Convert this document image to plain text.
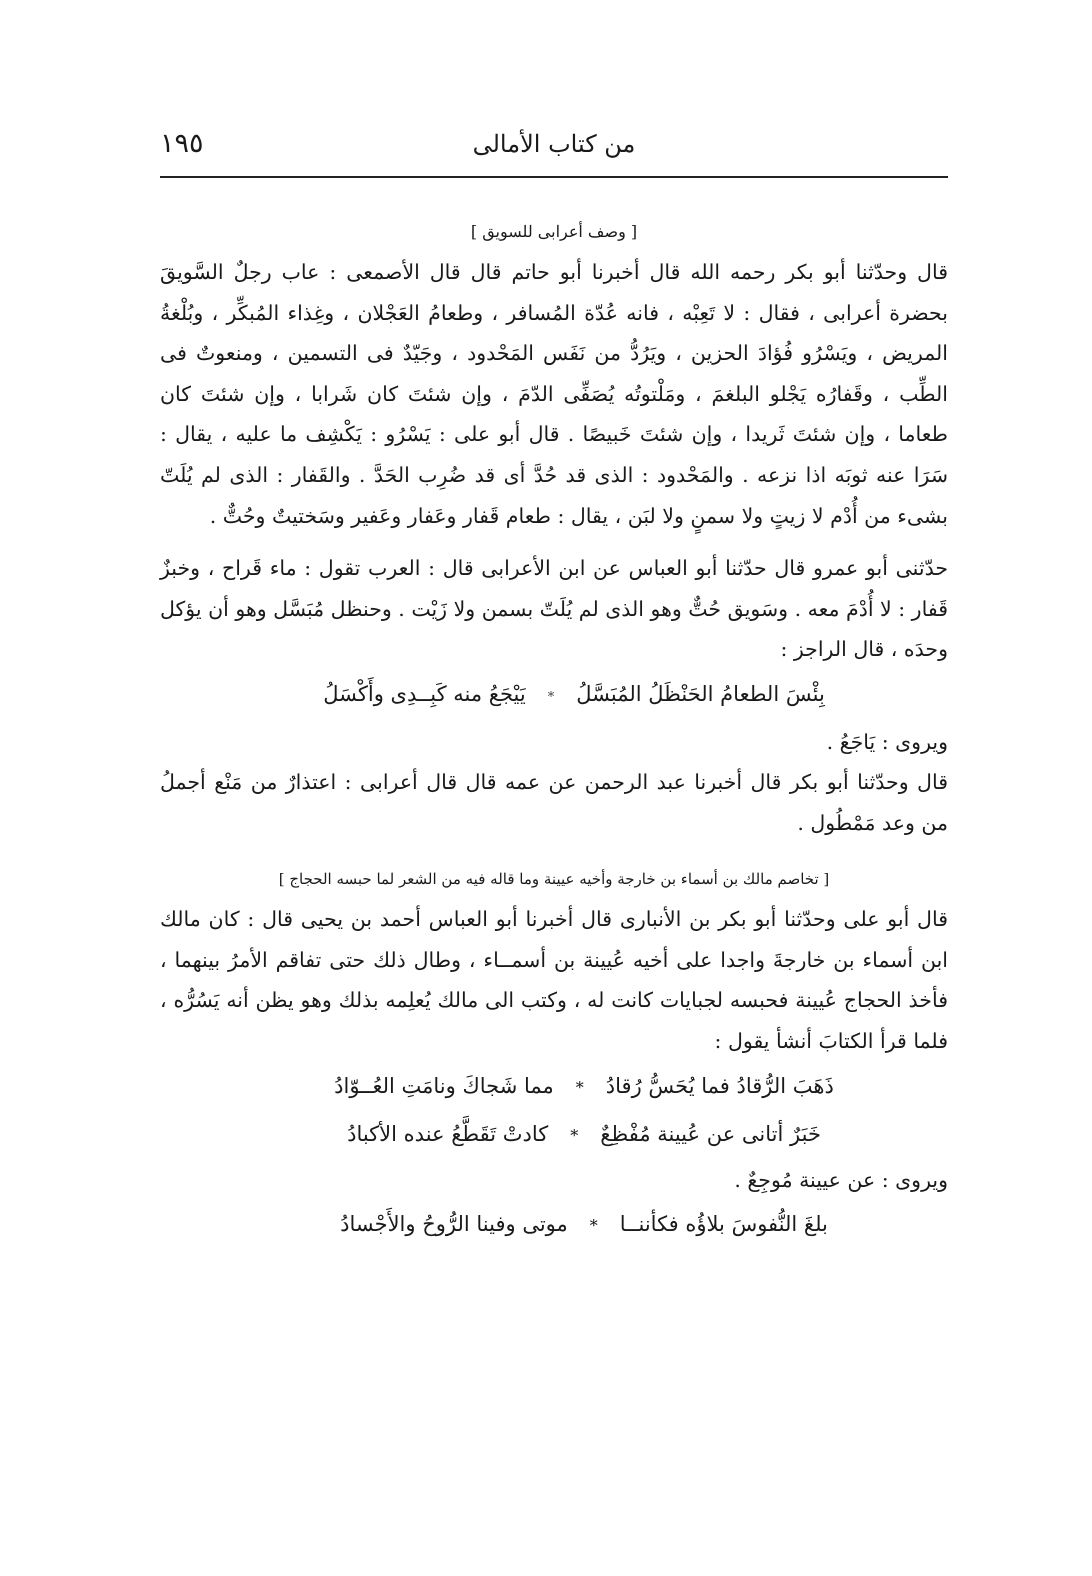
١٩٥	من كتاب الأمالى
[ وصف أعرابى للسويق ]

قال وحدّثنا أبو بكر رحمه الله قال أخبرنا أبو حاتم قال قال الأصمعى : عاب رجلٌ السَّويقَ بحضرة أعرابى ، فقال : لا تَعِبْه ، فانه عُدّة المُسافر ، وطعامُ العَجْلان ، وغِذاء المُبكِّر ، وبُلْغةُ المريض ، ويَسْرُو فُؤادَ الحزين ، ويَرُدُّ من نَفَس المَحْدود ، وجَيّدٌ فى التسمين ، ومنعوتٌ فى الطِّب ، وقَفارُه يَجْلو البلغمَ ، ومَلْتوتُه يُصَفِّى الدّمَ ، وإن شئتَ كان شَرابا ، وإن شئتَ كان طعاما ، وإن شئتَ ثَريدا ، وإن شئتَ خَبيصًا . قال أبو على : يَسْرُو : يَكْشِف ما عليه ، يقال : سَرَا عنه ثوبَه اذا نزعه . والمَحْدود : الذى قد حُدَّ أى قد ضُرِب الحَدَّ . والقَفار : الذى لم يُلَتّ بشىء من أُدْم لا زيتٍ ولا سمنٍ ولا لبَن ، يقال : طعام قَفار وعَفار وعَفير وسَختيتٌ وحُتٌّ .

حدّثنى أبو عمرو قال حدّثنا أبو العباس عن ابن الأعرابى قال : العرب تقول : ماء قَراح ، وخبزٌ قَفار : لا أُدْمَ معه . وسَويق حُتٌّ وهو الذى لم يُلَتّ بسمن ولا زَيْت . وحنظل مُبَسَّل وهو أن يؤكل وحدَه ، قال الراجز :

بِئْسَ الطعامُ الحَنْظَلُ المُبَسَّلُ
*
يَيْجَعُ منه كَبِــدِى وأَكْسَلُ

ويروى : يَاجَعُ .

قال وحدّثنا أبو بكر قال أخبرنا عبد الرحمن عن عمه قال قال أعرابى : اعتذارٌ من مَنْع أجملُ من وعد مَمْطُول .

[ تخاصم مالك بن أسماء بن خارجة وأخيه عيينة وما قاله فيه من الشعر لما حبسه الحجاج ]

قال أبو على وحدّثنا أبو بكر بن الأنبارى قال أخبرنا أبو العباس أحمد بن يحيى قال : كان مالك ابن أسماء بن خارجةَ واجدا على أخيه عُيينة بن أسمــاء ، وطال ذلك حتى تفاقم الأمرُ بينهما ، فأخذ الحجاج عُيينة فحبسه لجبايات كانت له ، وكتب الى مالك يُعلِمه بذلك وهو يظن أنه يَسُرُّه ، فلما قرأ الكتابَ أنشأ يقول :

ذَهَبَ الرُّقادُ فما يُحَسُّ رُقادُ
*
مما شَجاكَ ونامَتِ العُــوّادُ
خَبَرٌ أتانى عن عُيينة مُفْظِعٌ
*
كادتْ تَقَطَّعُ عنده الأكبادُ

ويروى : عن عيينة مُوجِعٌ .

بلغَ النُّفوسَ بلاؤُه فكأننــا
*
موتى وفينا الرُّوحُ والأَجْسادُ
